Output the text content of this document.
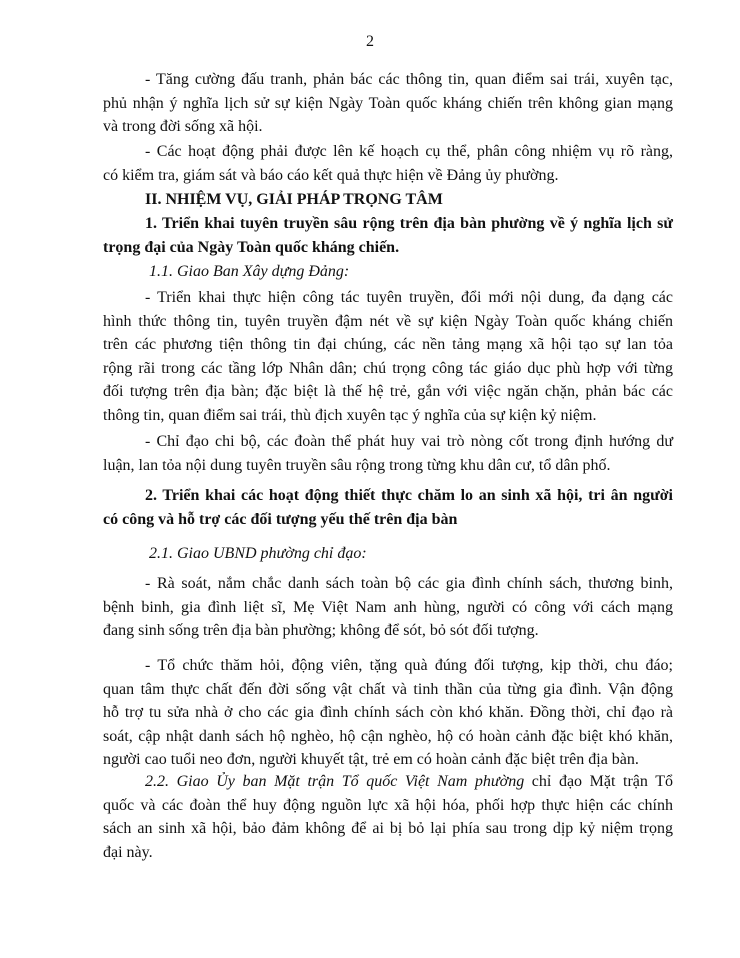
2
- Tăng cường đấu tranh, phản bác các thông tin, quan điểm sai trái, xuyên tạc,
phủ nhận ý nghĩa lịch sử sự kiện Ngày Toàn quốc kháng chiến trên không gian mạng
và trong đời sống xã hội.
- Các hoạt động phải được lên kế hoạch cụ thể, phân công nhiệm vụ rõ ràng,
có kiểm tra, giám sát và báo cáo kết quả thực hiện về Đảng ủy phường.
II. NHIỆM VỤ, GIẢI PHÁP TRỌNG TÂM
1. Triển khai tuyên truyền sâu rộng trên địa bàn phường về ý nghĩa lịch sử
trọng đại của Ngày Toàn quốc kháng chiến.
1.1. Giao Ban Xây dựng Đảng:
- Triển khai thực hiện công tác tuyên truyền, đổi mới nội dung, đa dạng các
hình thức thông tin, tuyên truyền đậm nét về sự kiện Ngày Toàn quốc kháng chiến
trên các phương tiện thông tin đại chúng, các nền tảng mạng xã hội tạo sự lan tỏa
rộng rãi trong các tầng lớp Nhân dân; chú trọng công tác giáo dục phù hợp với từng
đối tượng trên địa bàn; đặc biệt là thế hệ trẻ, gắn với việc ngăn chặn, phản bác các
thông tin, quan điểm sai trái, thù địch xuyên tạc ý nghĩa của sự kiện kỷ niệm.
- Chỉ đạo chi bộ, các đoàn thể phát huy vai trò nòng cốt trong định hướng dư
luận, lan tỏa nội dung tuyên truyền sâu rộng trong từng khu dân cư, tổ dân phố.
2. Triển khai các hoạt động thiết thực chăm lo an sinh xã hội, tri ân người
có công và hỗ trợ các đối tượng yếu thế trên địa bàn
2.1. Giao UBND phường chỉ đạo:
- Rà soát, nắm chắc danh sách toàn bộ các gia đình chính sách, thương binh,
bệnh binh, gia đình liệt sĩ, Mẹ Việt Nam anh hùng, người có công với cách mạng
đang sinh sống trên địa bàn phường; không để sót, bỏ sót đối tượng.
- Tổ chức thăm hỏi, động viên, tặng quà đúng đối tượng, kịp thời, chu đáo;
quan tâm thực chất đến đời sống vật chất và tinh thần của từng gia đình. Vận động
hỗ trợ tu sửa nhà ở cho các gia đình chính sách còn khó khăn. Đồng thời, chỉ đạo rà
soát, cập nhật danh sách hộ nghèo, hộ cận nghèo, hộ có hoàn cảnh đặc biệt khó khăn,
người cao tuổi neo đơn, người khuyết tật, trẻ em có hoàn cảnh đặc biệt trên địa bàn.
2.2. Giao Ủy ban Mặt trận Tổ quốc Việt Nam phường chỉ đạo Mặt trận Tổ
quốc và các đoàn thể huy động nguồn lực xã hội hóa, phối hợp thực hiện các chính
sách an sinh xã hội, bảo đảm không để ai bị bỏ lại phía sau trong dịp kỷ niệm trọng
đại này.
